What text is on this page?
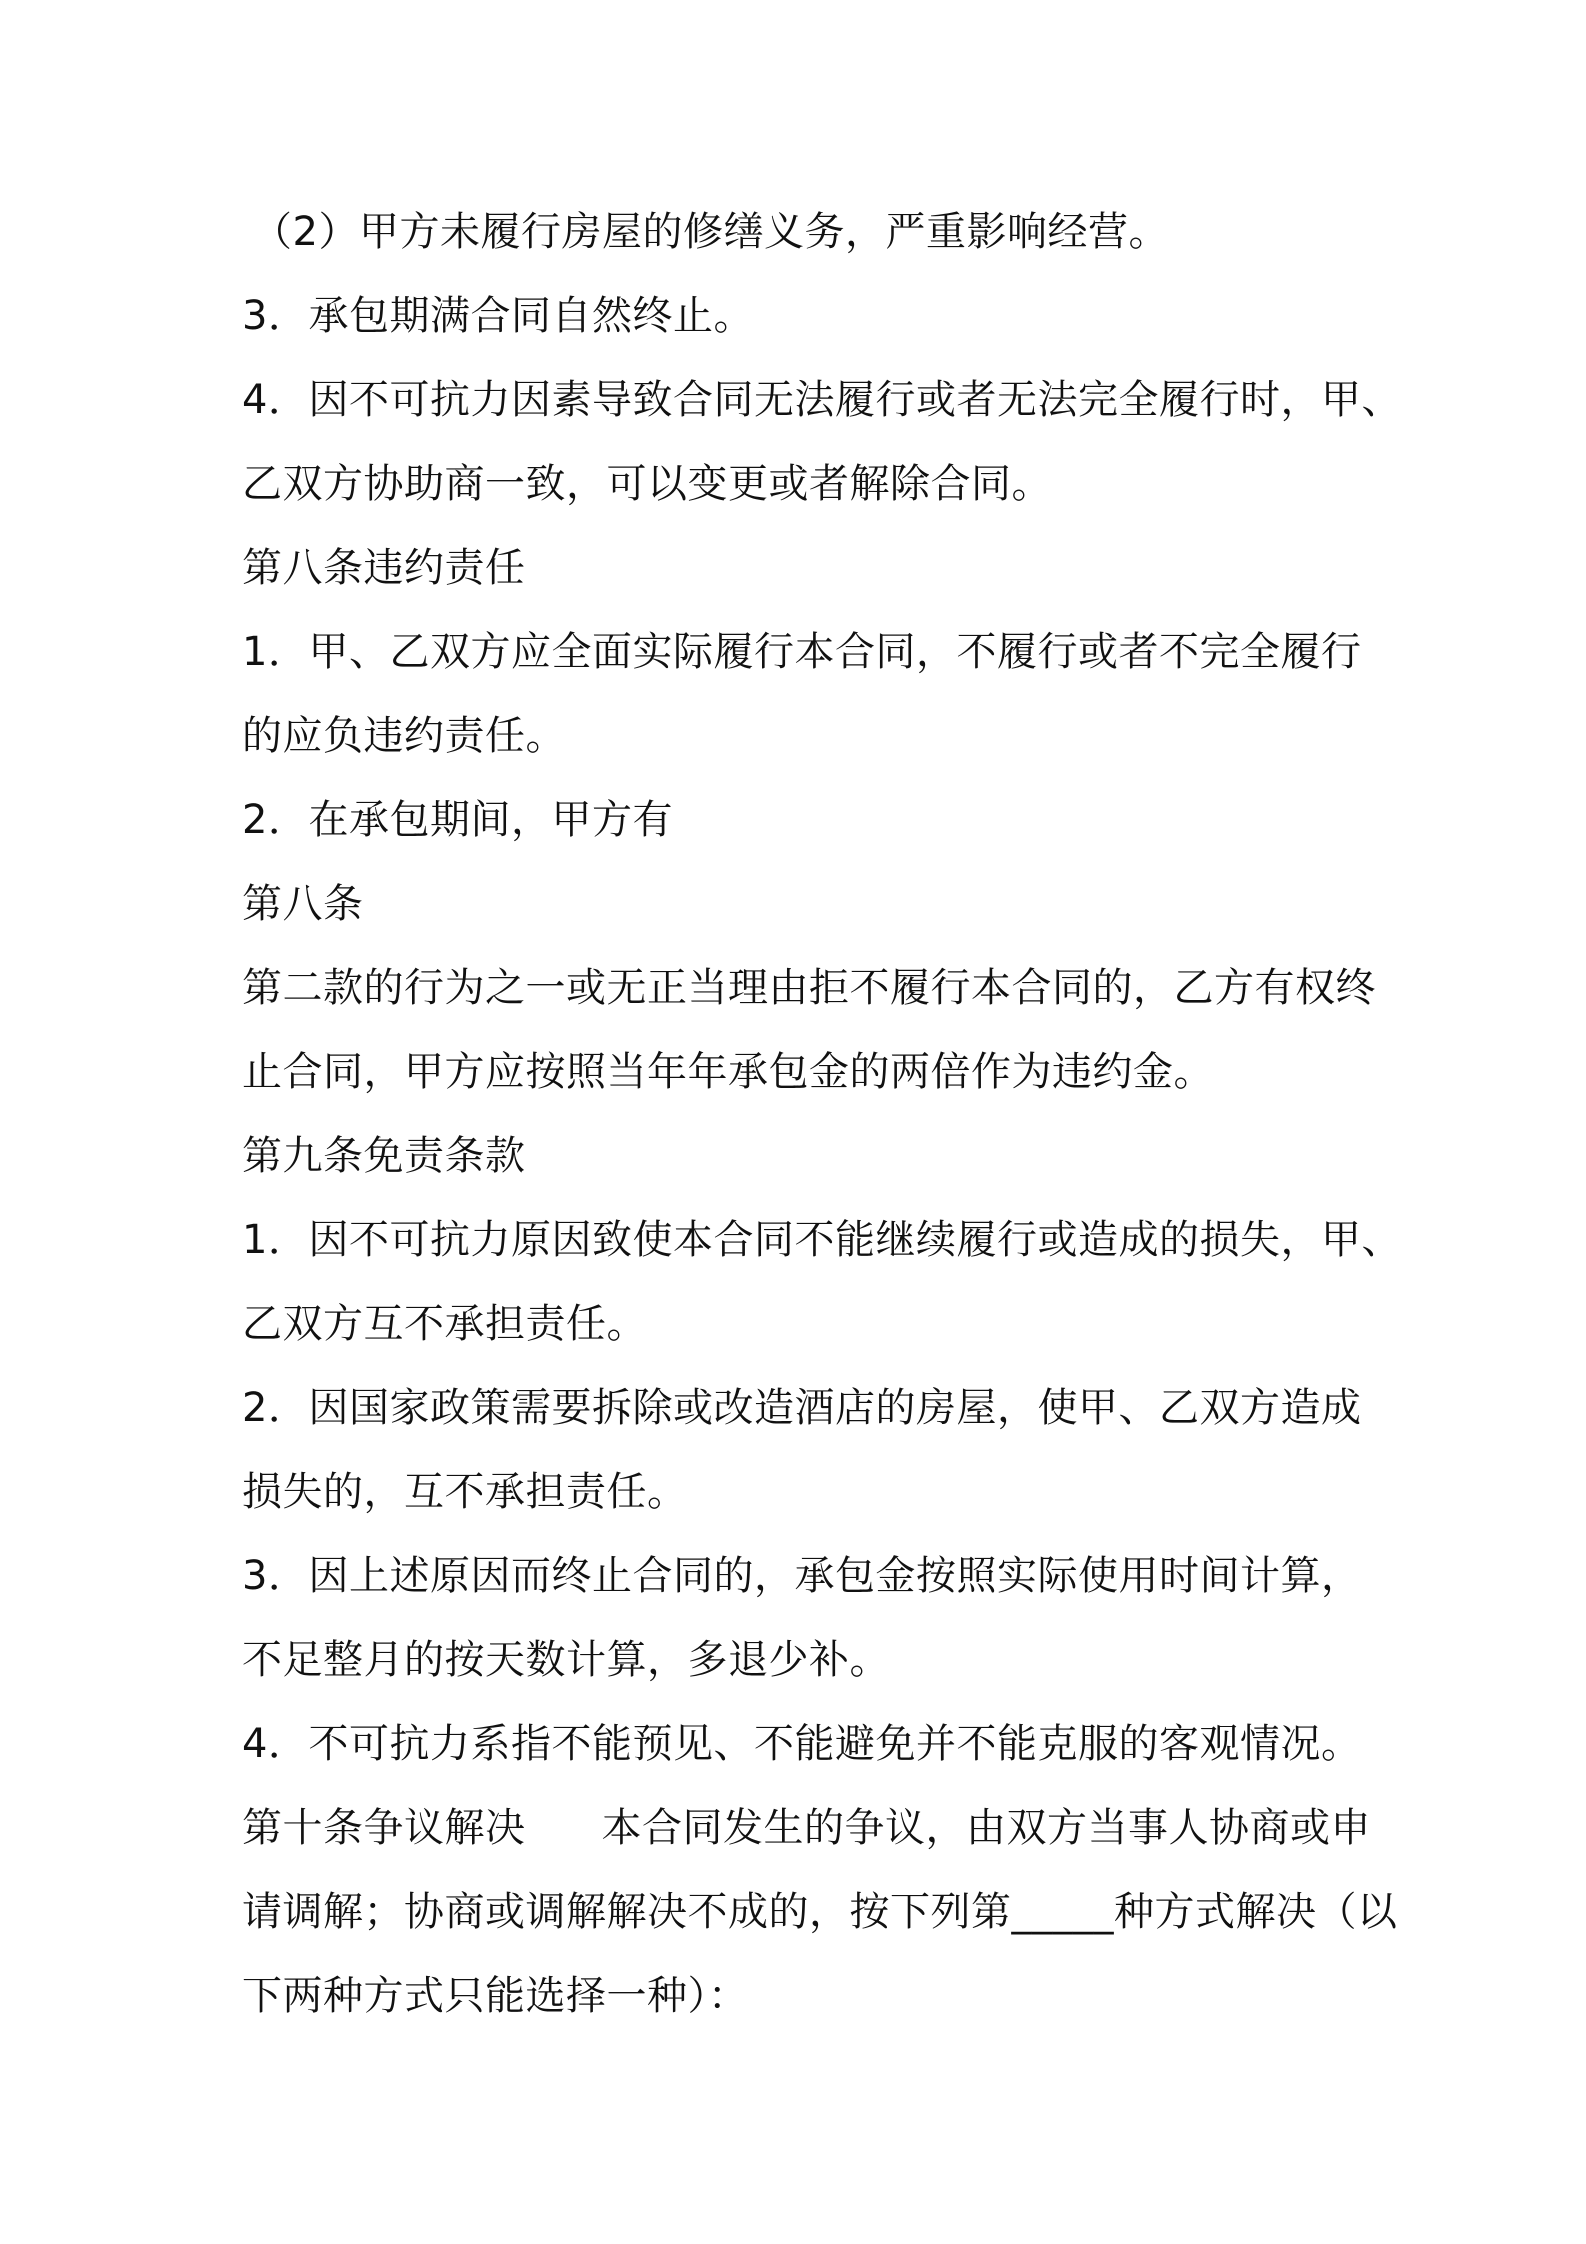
（2）甲方未履行房屋的修缮义务，严重影响经营。
3．承包期满合同自然终止。
4．因不可抗力因素导致合同无法履行或者无法完全履行时，甲、
乙双方协助商一致，可以变更或者解除合同。
第八条违约责任
1．甲、乙双方应全面实际履行本合同，不履行或者不完全履行
的应负违约责任。
2．在承包期间，甲方有
第八条
第二款的行为之一或无正当理由拒不履行本合同的，乙方有权终
止合同，甲方应按照当年年承包金的两倍作为违约金。
第九条免责条款
1．因不可抗力原因致使本合同不能继续履行或造成的损失，甲、
乙双方互不承担责任。
2．因国家政策需要拆除或改造酒店的房屋，使甲、乙双方造成
损失的，互不承担责任。
3．因上述原因而终止合同的，承包金按照实际使用时间计算，
不足整月的按天数计算，多退少补。
4．不可抗力系指不能预见、不能避免并不能克服的客观情况。
第十条争议解决 本合同发生的争议，由双方当事人协商或申
请调解；协商或调解解决不成的，按下列第_____种方式解决（以
下两种方式只能选择一种）：
